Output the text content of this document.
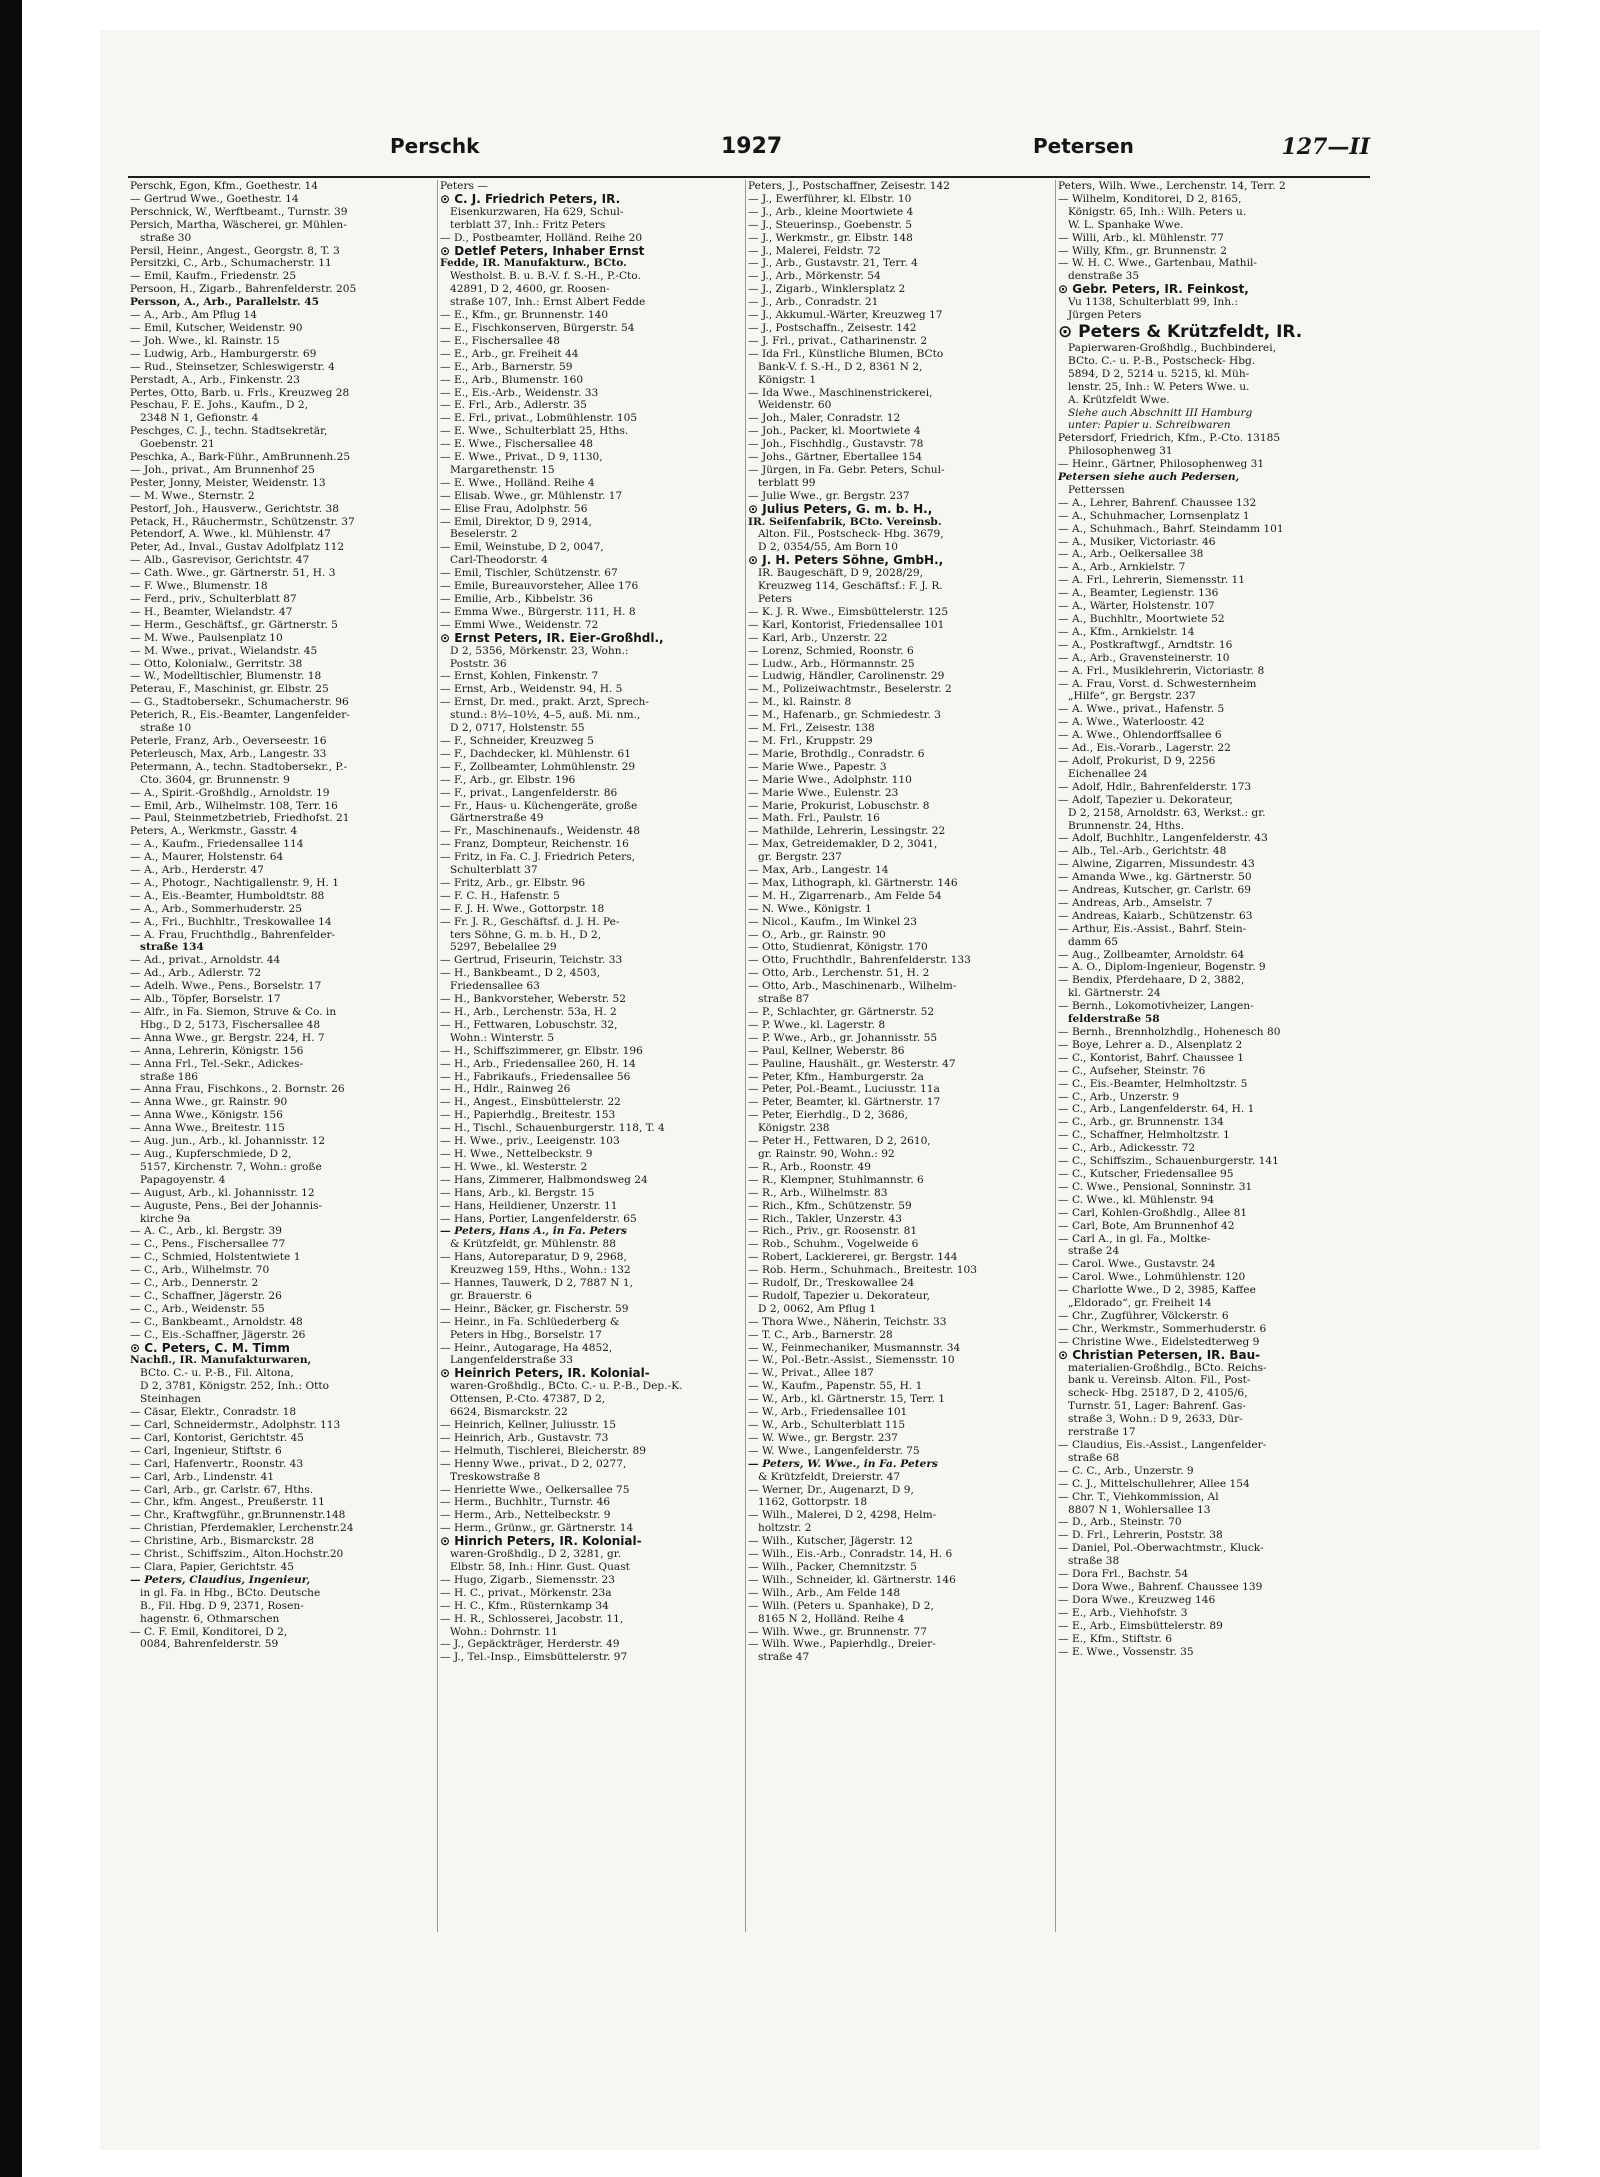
Perschk	1927	Petersen	127—II
Perschk, Egon, Kfm., Goethestr. 14
— Gertrud Wwe., Goethestr. 14
Perschnick, W., Werftbeamt., Turnstr. 39
Persich, Martha, Wäscherei, gr. Mühlen-
straße 30
Persil, Heinr., Angest., Georgstr. 8, T. 3
Persitzki, C., Arb., Schumacherstr. 11
— Emil, Kaufm., Friedenstr. 25
Persoon, H., Zigarb., Bahrenfelderstr. 205
Persson, A., Arb., Parallelstr. 45
— A., Arb., Am Pflug 14
— Emil, Kutscher, Weidenstr. 90
— Joh. Wwe., kl. Rainstr. 15
— Ludwig, Arb., Hamburgerstr. 69
— Rud., Steinsetzer, Schleswigerstr. 4
Perstadt, A., Arb., Finkenstr. 23
Pertes, Otto, Barb. u. Frls., Kreuzweg 28
Peschau, F. E. Johs., Kaufm., D 2,
2348 N 1, Gefionstr. 4
Peschges, C. J., techn. Stadtsekretär,
Goebenstr. 21
Peschka, A., Bark-Führ., AmBrunnenh.25
— Joh., privat., Am Brunnenhof 25
Pester, Jonny, Meister, Weidenstr. 13
— M. Wwe., Sternstr. 2
Pestorf, Joh., Hausverw., Gerichtstr. 38
Petack, H., Räuchermstr., Schützenstr. 37
Petendorf, A. Wwe., kl. Mühlenstr. 47
Peter, Ad., Inval., Gustav Adolfplatz 112
— Alb., Gasrevisor, Gerichtstr. 47
— Cath. Wwe., gr. Gärtnerstr. 51, H. 3
— F. Wwe., Blumenstr. 18
— Ferd., priv., Schulterblatt 87
— H., Beamter, Wielandstr. 47
— Herm., Geschäftsf., gr. Gärtnerstr. 5
— M. Wwe., Paulsenplatz 10
— M. Wwe., privat., Wielandstr. 45
— Otto, Kolonialw., Gerritstr. 38
— W., Modelltischler, Blumenstr. 18
Peterau, F., Maschinist, gr. Elbstr. 25
— G., Stadtobersekr., Schumacherstr. 96
Peterich, R., Eis.-Beamter, Langenfelder-
straße 10
Peterle, Franz, Arb., Oeverseestr. 16
Peterleusch, Max, Arb., Langestr. 33
Petermann, A., techn. Stadtobersekr., P.-
Cto. 3604, gr. Brunnenstr. 9
— A., Spirit.-Großhdlg., Arnoldstr. 19
— Emil, Arb., Wilhelmstr. 108, Terr. 16
— Paul, Steinmetzbetrieb, Friedhofst. 21
Peters, A., Werkmstr., Gasstr. 4
— A., Kaufm., Friedensallee 114
— A., Maurer, Holstenstr. 64
— A., Arb., Herderstr. 47
— A., Photogr., Nachtigallenstr. 9, H. 1
— A., Eis.-Beamter, Humboldtstr. 88
— A., Arb., Sommerhuderstr. 25
— A., Fri., Buchhltr., Treskowallee 14
— A. Frau, Fruchthdlg., Bahrenfelder-
straße 134
— Ad., privat., Arnoldstr. 44
— Ad., Arb., Adlerstr. 72
— Adelh. Wwe., Pens., Borselstr. 17
— Alb., Töpfer, Borselstr. 17
— Alfr., in Fa. Siemon, Struve & Co. in
Hbg., D 2, 5173, Fischersallee 48
— Anna Wwe., gr. Bergstr. 224, H. 7
— Anna, Lehrerin, Königstr. 156
— Anna Frl., Tel.-Sekr., Adickes-
straße 186
— Anna Frau, Fischkons., 2. Bornstr. 26
— Anna Wwe., gr. Rainstr. 90
— Anna Wwe., Königstr. 156
— Anna Wwe., Breitestr. 115
— Aug. jun., Arb., kl. Johannisstr. 12
— Aug., Kupferschmiede, D 2,
5157, Kirchenstr. 7, Wohn.: große
Papagoyenstr. 4
— August, Arb., kl. Johannisstr. 12
— Auguste, Pens., Bei der Johannis-
kirche 9a
— A. C., Arb., kl. Bergstr. 39
— C., Pens., Fischersallee 77
— C., Schmied, Holstentwiete 1
— C., Arb., Wilhelmstr. 70
— C., Arb., Dennerstr. 2
— C., Schaffner, Jägerstr. 26
— C., Arb., Weidenstr. 55
— C., Bankbeamt., Arnoldstr. 48
— C., Eis.-Schaffner, Jägerstr. 26
⊙ C. Peters, C. M. Timm
Nachfl., IR. Manufakturwaren,
BCto. C.- u. P.-B., Fil. Altona,
D 2, 3781, Königstr. 252, Inh.: Otto
Steinhagen
— Cäsar, Elektr., Conradstr. 18
— Carl, Schneidermstr., Adolphstr. 113
— Carl, Kontorist, Gerichtstr. 45
— Carl, Ingenieur, Stiftstr. 6
— Carl, Hafenvertr., Roonstr. 43
— Carl, Arb., Lindenstr. 41
— Carl, Arb., gr. Carlstr. 67, Hths.
— Chr., kfm. Angest., Preußerstr. 11
— Chr., Kraftwgführ., gr.Brunnenstr.148
— Christian, Pferdemakler, Lerchenstr.24
— Christine, Arb., Bismarckstr. 28
— Christ., Schiffszim., Alton.Hochstr.20
— Clara, Papier, Gerichtstr. 45
— Peters, Claudius, Ingenieur,
in gl. Fa. in Hbg., BCto. Deutsche
B., Fil. Hbg. D 9, 2371, Rosen-
hagenstr. 6, Othmarschen
— C. F. Emil, Konditorei, D 2,
0084, Bahrenfelderstr. 59
Peters —
⊙ C. J. Friedrich Peters, IR.
Eisenkurzwaren, Ha 629, Schul-
terblatt 37, Inh.: Fritz Peters
— D., Postbeamter, Holländ. Reihe 20
⊙ Detlef Peters, Inhaber Ernst
Fedde, IR. Manufakturw., BCto.
Westholst. B. u. B.-V. f. S.-H., P.-Cto.
42891, D 2, 4600, gr. Roosen-
straße 107, Inh.: Ernst Albert Fedde
— E., Kfm., gr. Brunnenstr. 140
— E., Fischkonserven, Bürgerstr. 54
— E., Fischersallee 48
— E., Arb., gr. Freiheit 44
— E., Arb., Barnerstr. 59
— E., Arb., Blumenstr. 160
— E., Eis.-Arb., Weidenstr. 33
— E. Frl., Arb., Adlerstr. 35
— E. Frl., privat., Lobmühlenstr. 105
— E. Wwe., Schulterblatt 25, Hths.
— E. Wwe., Fischersallee 48
— E. Wwe., Privat., D 9, 1130,
Margarethenstr. 15
— E. Wwe., Holländ. Reihe 4
— Elisab. Wwe., gr. Mühlenstr. 17
— Elise Frau, Adolphstr. 56
— Emil, Direktor, D 9, 2914,
Beselerstr. 2
— Emil, Weinstube, D 2, 0047,
Carl-Theodorstr. 4
— Emil, Tischler, Schützenstr. 67
— Emile, Bureauvorsteher, Allee 176
— Emilie, Arb., Kibbelstr. 36
— Emma Wwe., Bürgerstr. 111, H. 8
— Emmi Wwe., Weidenstr. 72
⊙ Ernst Peters, IR. Eier-Großhdl.,
D 2, 5356, Mörkenstr. 23, Wohn.:
Poststr. 36
— Ernst, Kohlen, Finkenstr. 7
— Ernst, Arb., Weidenstr. 94, H. 5
— Ernst, Dr. med., prakt. Arzt, Sprech-
stund.: 8½–10½, 4–5, auß. Mi. nm.,
D 2, 0717, Holstenstr. 55
— F., Schneider, Kreuzweg 5
— F., Dachdecker, kl. Mühlenstr. 61
— F., Zollbeamter, Lohmühlenstr. 29
— F., Arb., gr. Elbstr. 196
— F., privat., Langenfelderstr. 86
— Fr., Haus- u. Küchengeräte, große
Gärtnerstraße 49
— Fr., Maschinenaufs., Weidenstr. 48
— Franz, Dompteur, Reichenstr. 16
— Fritz, in Fa. C. J. Friedrich Peters,
Schulterblatt 37
— Fritz, Arb., gr. Elbstr. 96
— F. C. H., Hafenstr. 5
— F. J. H. Wwe., Gottorpstr. 18
— Fr. J. R., Geschäftsf. d. J. H. Pe-
ters Söhne, G. m. b. H., D 2,
5297, Bebelallee 29
— Gertrud, Friseurin, Teichstr. 33
— H., Bankbeamt., D 2, 4503,
Friedensallee 63
— H., Bankvorsteher, Weberstr. 52
— H., Arb., Lerchenstr. 53a, H. 2
— H., Fettwaren, Lobuschstr. 32,
Wohn.: Winterstr. 5
— H., Schiffszimmerer, gr. Elbstr. 196
— H., Arb., Friedensallee 260, H. 14
— H., Fabrikaufs., Friedensallee 56
— H., Hdlr., Rainweg 26
— H., Angest., Einsbüttelerstr. 22
— H., Papierhdlg., Breitestr. 153
— H., Tischl., Schauenburgerstr. 118, T. 4
— H. Wwe., priv., Leeigenstr. 103
— H. Wwe., Nettelbeckstr. 9
— H. Wwe., kl. Westerstr. 2
— Hans, Zimmerer, Halbmondsweg 24
— Hans, Arb., kl. Bergstr. 15
— Hans, Heildiener, Unzerstr. 11
— Hans, Portier, Langenfelderstr. 65
— Peters, Hans A., in Fa. Peters
& Krützfeldt, gr. Mühlenstr. 88
— Hans, Autoreparatur, D 9, 2968,
Kreuzweg 159, Hths., Wohn.: 132
— Hannes, Tauwerk, D 2, 7887 N 1,
gr. Brauerstr. 6
— Heinr., Bäcker, gr. Fischerstr. 59
— Heinr., in Fa. Schlüederberg &
Peters in Hbg., Borselstr. 17
— Heinr., Autogarage, Ha 4852,
Langenfelderstraße 33
⊙ Heinrich Peters, IR. Kolonial-
waren-Großhdlg., BCto. C.- u. P.-B., Dep.-K.
Ottensen, P.-Cto. 47387, D 2,
6624, Bismarckstr. 22
— Heinrich, Kellner, Juliusstr. 15
— Heinrich, Arb., Gustavstr. 73
— Helmuth, Tischlerei, Bleicherstr. 89
— Henny Wwe., privat., D 2, 0277,
Treskowstraße 8
— Henriette Wwe., Oelkersallee 75
— Herm., Buchhltr., Turnstr. 46
— Herm., Arb., Nettelbeckstr. 9
— Herm., Grünw., gr. Gärtnerstr. 14
⊙ Hinrich Peters, IR. Kolonial-
waren-Großhdlg., D 2, 3281, gr.
Elbstr. 58, Inh.: Hinr. Gust. Quast
— Hugo, Zigarb., Siemensstr. 23
— H. C., privat., Mörkenstr. 23a
— H. C., Kfm., Rüsternkamp 34
— H. R., Schlosserei, Jacobstr. 11,
Wohn.: Dohrnstr. 11
— J., Gepäckträger, Herderstr. 49
— J., Tel.-Insp., Eimsbüttelerstr. 97
Peters, J., Postschaffner, Zeisestr. 142
— J., Ewerführer, kl. Elbstr. 10
— J., Arb., kleine Moortwiete 4
— J., Steuerinsp., Goebenstr. 5
— J., Werkmstr., gr. Elbstr. 148
— J., Malerei, Feldstr. 72
— J., Arb., Gustavstr. 21, Terr. 4
— J., Arb., Mörkenstr. 54
— J., Zigarb., Winklersplatz 2
— J., Arb., Conradstr. 21
— J., Akkumul.-Wärter, Kreuzweg 17
— J., Postschaffn., Zeisestr. 142
— J. Frl., privat., Catharinenstr. 2
— Ida Frl., Künstliche Blumen, BCto
Bank-V. f. S.-H., D 2, 8361 N 2,
Königstr. 1
— Ida Wwe., Maschinenstrickerei,
Weidenstr. 60
— Joh., Maler, Conradstr. 12
— Joh., Packer, kl. Moortwiete 4
— Joh., Fischhdlg., Gustavstr. 78
— Johs., Gärtner, Ebertallee 154
— Jürgen, in Fa. Gebr. Peters, Schul-
terblatt 99
— Julie Wwe., gr. Bergstr. 237
⊙ Julius Peters, G. m. b. H.,
IR. Seifenfabrik, BCto. Vereinsb.
Alton. Fil., Postscheck- Hbg. 3679,
D 2, 0354/55, Am Born 10
⊙ J. H. Peters Söhne, GmbH.,
IR. Baugeschäft, D 9, 2028/29,
Kreuzweg 114, Geschäftsf.: F. J. R.
Peters
— K. J. R. Wwe., Eimsbüttelerstr. 125
— Karl, Kontorist, Friedensallee 101
— Karl, Arb., Unzerstr. 22
— Lorenz, Schmied, Roonstr. 6
— Ludw., Arb., Hörmannstr. 25
— Ludwig, Händler, Carolinenstr. 29
— M., Polizeiwachtmstr., Beselerstr. 2
— M., kl. Rainstr. 8
— M., Hafenarb., gr. Schmiedestr. 3
— M. Frl., Zeisestr. 138
— M. Frl., Kruppstr. 29
— Marie, Brothdlg., Conradstr. 6
— Marie Wwe., Papestr. 3
— Marie Wwe., Adolphstr. 110
— Marie Wwe., Eulenstr. 23
— Marie, Prokurist, Lobuschstr. 8
— Math. Frl., Paulstr. 16
— Mathilde, Lehrerin, Lessingstr. 22
— Max, Getreidemakler, D 2, 3041,
gr. Bergstr. 237
— Max, Arb., Langestr. 14
— Max, Lithograph, kl. Gärtnerstr. 146
— M. H., Zigarrenarb., Am Felde 54
— N. Wwe., Königstr. 1
— Nicol., Kaufm., Im Winkel 23
— O., Arb., gr. Rainstr. 90
— Otto, Studienrat, Königstr. 170
— Otto, Fruchthdlr., Bahrenfelderstr. 133
— Otto, Arb., Lerchenstr. 51, H. 2
— Otto, Arb., Maschinenarb., Wilhelm-
straße 87
— P., Schlachter, gr. Gärtnerstr. 52
— P. Wwe., kl. Lagerstr. 8
— P. Wwe., Arb., gr. Johannisstr. 55
— Paul, Kellner, Weberstr. 86
— Pauline, Haushält., gr. Westerstr. 47
— Peter, Kfm., Hamburgerstr. 2a
— Peter, Pol.-Beamt., Luciusstr. 11a
— Peter, Beamter, kl. Gärtnerstr. 17
— Peter, Eierhdlg., D 2, 3686,
Königstr. 238
— Peter H., Fettwaren, D 2, 2610,
gr. Rainstr. 90, Wohn.: 92
— R., Arb., Roonstr. 49
— R., Klempner, Stuhlmannstr. 6
— R., Arb., Wilhelmstr. 83
— Rich., Kfm., Schützenstr. 59
— Rich., Takler, Unzerstr. 43
— Rich., Priv., gr. Roosenstr. 81
— Rob., Schuhm., Vogelweide 6
— Robert, Lackiererei, gr. Bergstr. 144
— Rob. Herm., Schuhmach., Breitestr. 103
— Rudolf, Dr., Treskowallee 24
— Rudolf, Tapezier u. Dekorateur,
D 2, 0062, Am Pflug 1
— Thora Wwe., Näherin, Teichstr. 33
— T. C., Arb., Barnerstr. 28
— W., Feinmechaniker, Musmannstr. 34
— W., Pol.-Betr.-Assist., Siemensstr. 10
— W., Privat., Allee 187
— W., Kaufm., Papenstr. 55, H. 1
— W., Arb., kl. Gärtnerstr. 15, Terr. 1
— W., Arb., Friedensallee 101
— W., Arb., Schulterblatt 115
— W. Wwe., gr. Bergstr. 237
— W. Wwe., Langenfelderstr. 75
— Peters, W. Wwe., in Fa. Peters
& Krützfeldt, Dreierstr. 47
— Werner, Dr., Augenarzt, D 9,
1162, Gottorpstr. 18
— Wilh., Malerei, D 2, 4298, Helm-
holtzstr. 2
— Wilh., Kutscher, Jägerstr. 12
— Wilh., Eis.-Arb., Conradstr. 14, H. 6
— Wilh., Packer, Chemnitzstr. 5
— Wilh., Schneider, kl. Gärtnerstr. 146
— Wilh., Arb., Am Felde 148
— Wilh. (Peters u. Spanhake), D 2,
8165 N 2, Holländ. Reihe 4
— Wilh. Wwe., gr. Brunnenstr. 77
— Wilh. Wwe., Papierhdlg., Dreier-
straße 47
Peters, Wilh. Wwe., Lerchenstr. 14, Terr. 2
— Wilhelm, Konditorei, D 2, 8165,
Königstr. 65, Inh.: Wilh. Peters u.
W. L. Spanhake Wwe.
— Willi, Arb., kl. Mühlenstr. 77
— Willy, Kfm., gr. Brunnenstr. 2
— W. H. C. Wwe., Gartenbau, Mathil-
denstraße 35
⊙ Gebr. Peters, IR. Feinkost,
Vu 1138, Schulterblatt 99, Inh.:
Jürgen Peters
⊙ Peters & Krützfeldt, IR.
Papierwaren-Großhdlg., Buchbinderei,
BCto. C.- u. P.-B., Postscheck- Hbg.
5894, D 2, 5214 u. 5215, kl. Müh-
lenstr. 25, Inh.: W. Peters Wwe. u.
A. Krützfeldt Wwe.
Siehe auch Abschnitt III Hamburg
unter: Papier u. Schreibwaren
Petersdorf, Friedrich, Kfm., P.-Cto. 13185
Philosophenweg 31
— Heinr., Gärtner, Philosophenweg 31
Petersen siehe auch Pedersen,
Petterssen
— A., Lehrer, Bahrenf. Chaussee 132
— A., Schuhmacher, Lornsenplatz 1
— A., Schuhmach., Bahrf. Steindamm 101
— A., Musiker, Victoriastr. 46
— A., Arb., Oelkersallee 38
— A., Arb., Arnkielstr. 7
— A. Frl., Lehrerin, Siemensstr. 11
— A., Beamter, Legienstr. 136
— A., Wärter, Holstenstr. 107
— A., Buchhltr., Moortwiete 52
— A., Kfm., Arnkielstr. 14
— A., Postkraftwgf., Arndtstr. 16
— A., Arb., Gravensteinerstr. 10
— A. Frl., Musiklehrerin, Victoriastr. 8
— A. Frau, Vorst. d. Schwesternheim
„Hilfe“, gr. Bergstr. 237
— A. Wwe., privat., Hafenstr. 5
— A. Wwe., Waterloostr. 42
— A. Wwe., Ohlendorffsallee 6
— Ad., Eis.-Vorarb., Lagerstr. 22
— Adolf, Prokurist, D 9, 2256
Eichenallee 24
— Adolf, Hdlr., Bahrenfelderstr. 173
— Adolf, Tapezier u. Dekorateur,
D 2, 2158, Arnoldstr. 63, Werkst.: gr.
Brunnenstr. 24, Hths.
— Adolf, Buchhltr., Langenfelderstr. 43
— Alb., Tel.-Arb., Gerichtstr. 48
— Alwine, Zigarren, Missundestr. 43
— Amanda Wwe., kg. Gärtnerstr. 50
— Andreas, Kutscher, gr. Carlstr. 69
— Andreas, Arb., Amselstr. 7
— Andreas, Kaiarb., Schützenstr. 63
— Arthur, Eis.-Assist., Bahrf. Stein-
damm 65
— Aug., Zollbeamter, Arnoldstr. 64
— A. O., Diplom-Ingenieur, Bogenstr. 9
— Bendix, Pferdehaare, D 2, 3882,
kl. Gärtnerstr. 24
— Bernh., Lokomotivheizer, Langen-
felderstraße 58
— Bernh., Brennholzhdlg., Hohenesch 80
— Boye, Lehrer a. D., Alsenplatz 2
— C., Kontorist, Bahrf. Chaussee 1
— C., Aufseher, Steinstr. 76
— C., Eis.-Beamter, Helmholtzstr. 5
— C., Arb., Unzerstr. 9
— C., Arb., Langenfelderstr. 64, H. 1
— C., Arb., gr. Brunnenstr. 134
— C., Schaffner, Helmholtzstr. 1
— C., Arb., Adickesstr. 72
— C., Schiffszim., Schauenburgerstr. 141
— C., Kutscher, Friedensallee 95
— C. Wwe., Pensional, Sonninstr. 31
— C. Wwe., kl. Mühlenstr. 94
— Carl, Kohlen-Großhdlg., Allee 81
— Carl, Bote, Am Brunnenhof 42
— Carl A., in gl. Fa., Moltke-
straße 24
— Carol. Wwe., Gustavstr. 24
— Carol. Wwe., Lohmühlenstr. 120
— Charlotte Wwe., D 2, 3985, Kaffee
„Eldorado“, gr. Freiheit 14
— Chr., Zugführer, Völckerstr. 6
— Chr., Werkmstr., Sommerhuderstr. 6
— Christine Wwe., Eidelstedterweg 9
⊙ Christian Petersen, IR. Bau-
materialien-Großhdlg., BCto. Reichs-
bank u. Vereinsb. Alton. Fil., Post-
scheck- Hbg. 25187, D 2, 4105/6,
Turnstr. 51, Lager: Bahrenf. Gas-
straße 3, Wohn.: D 9, 2633, Dür-
rerstraße 17
— Claudius, Eis.-Assist., Langenfelder-
straße 68
— C. C., Arb., Unzerstr. 9
— C. J., Mittelschullehrer, Allee 154
— Chr. T., Viehkommission, Al
8807 N 1, Wohlersallee 13
— D., Arb., Steinstr. 70
— D. Frl., Lehrerin, Poststr. 38
— Daniel, Pol.-Oberwachtmstr., Kluck-
straße 38
— Dora Frl., Bachstr. 54
— Dora Wwe., Bahrenf. Chaussee 139
— Dora Wwe., Kreuzweg 146
— E., Arb., Viehhofstr. 3
— E., Arb., Eimsbüttelerstr. 89
— E., Kfm., Stiftstr. 6
— E. Wwe., Vossenstr. 35
